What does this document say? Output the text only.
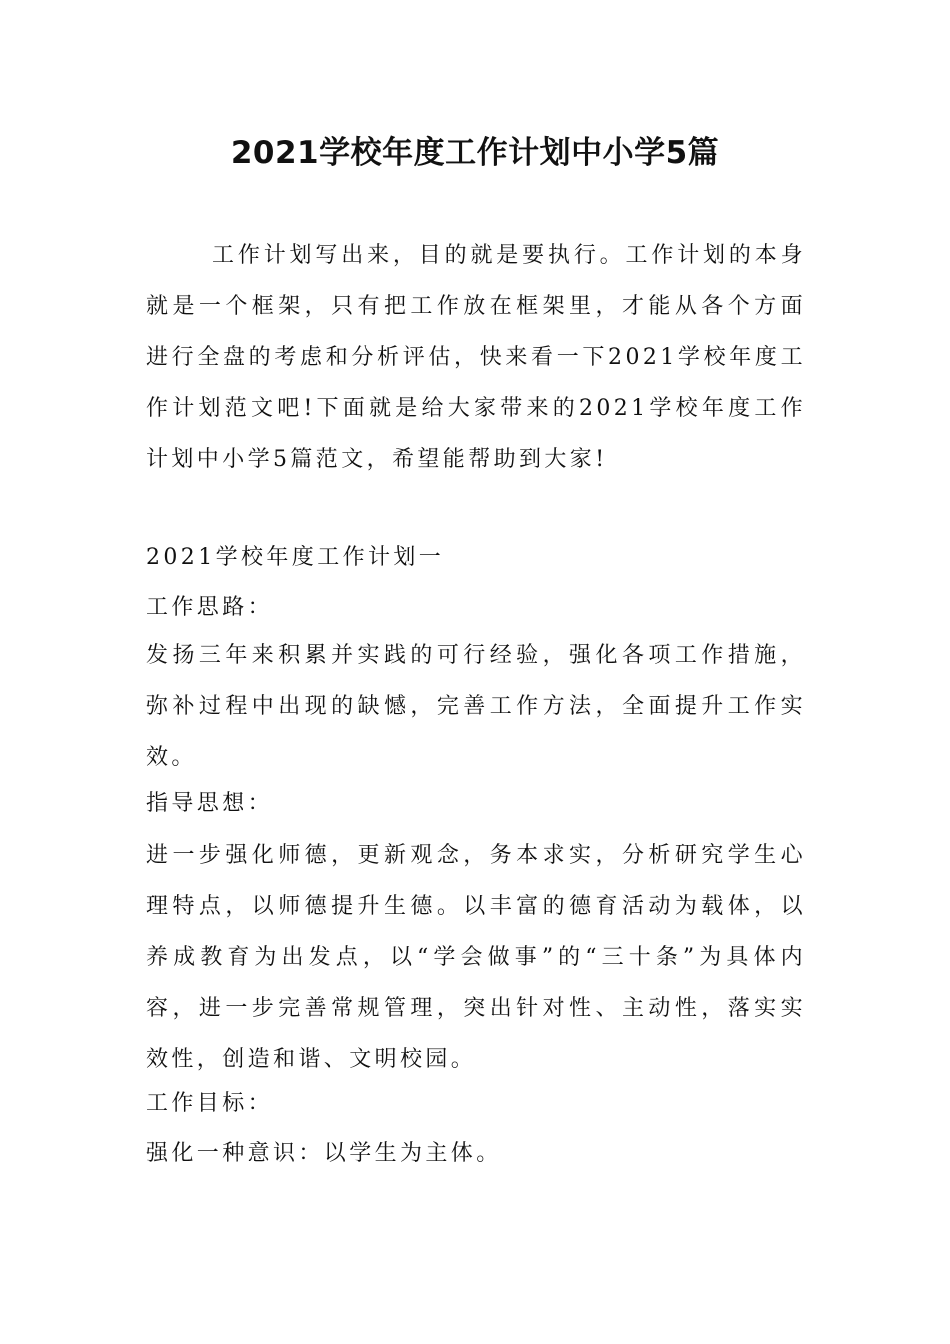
2021学校年度工作计划中小学5篇

工作计划写出来，目的就是要执行。工作计划的本身就是一个框架，只有把工作放在框架里，才能从各个方面进行全盘的考虑和分析评估，快来看一下2021学校年度工作计划范文吧!下面就是给大家带来的2021学校年度工作计划中小学5篇范文，希望能帮助到大家!

2021学校年度工作计划一

工作思路：

发扬三年来积累并实践的可行经验，强化各项工作措施，弥补过程中出现的缺憾，完善工作方法，全面提升工作实效。

指导思想：

进一步强化师德，更新观念，务本求实，分析研究学生心理特点，以师德提升生德。以丰富的德育活动为载体，以养成教育为出发点，以“学会做事”的“三十条”为具体内容，进一步完善常规管理，突出针对性、主动性，落实实效性，创造和谐、文明校园。

工作目标：

强化一种意识：以学生为主体。
